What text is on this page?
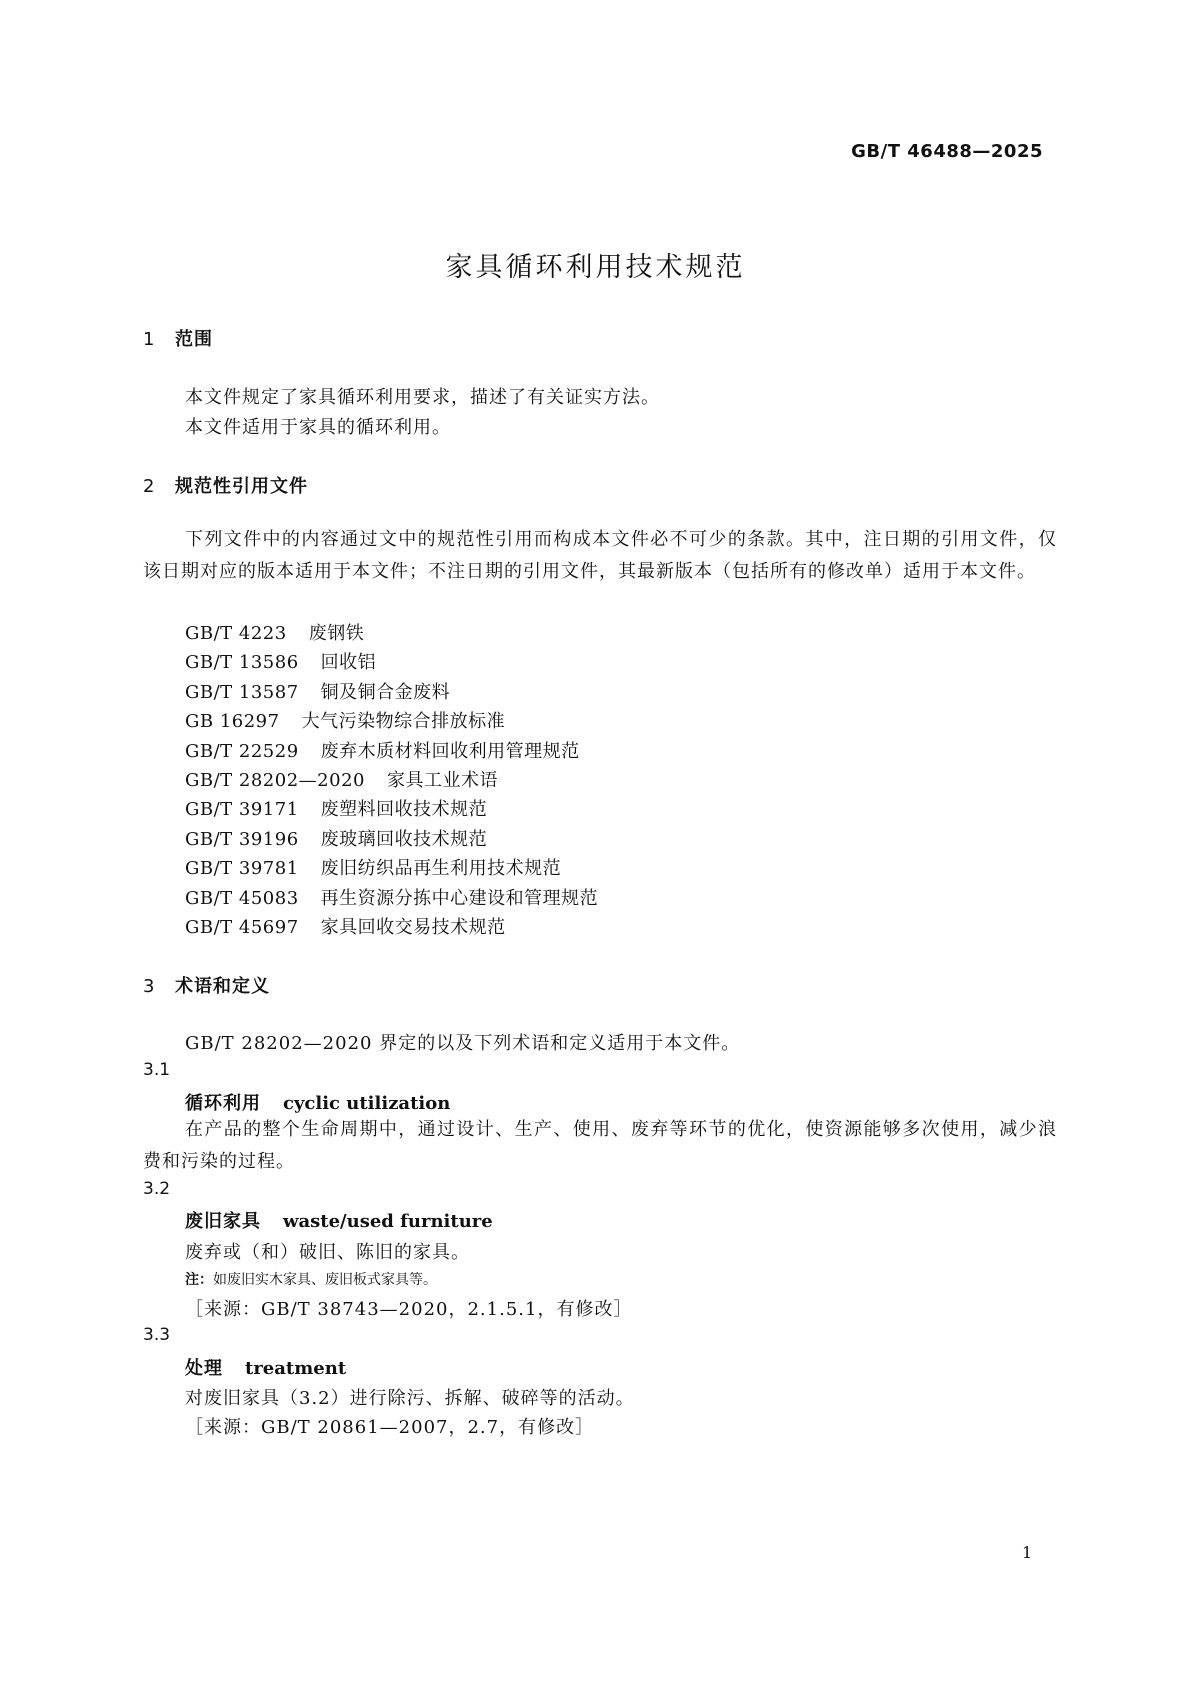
GB/T 46488—2025
家具循环利用技术规范
1 范围
本文件规定了家具循环利用要求，描述了有关证实方法。
本文件适用于家具的循环利用。
2 规范性引用文件
下列文件中的内容通过文中的规范性引用而构成本文件必不可少的条款。其中，注日期的引用文件，仅该日期对应的版本适用于本文件；不注日期的引用文件，其最新版本（包括所有的修改单）适用于本文件。
GB/T 4223 废钢铁
GB/T 13586 回收铝
GB/T 13587 铜及铜合金废料
GB 16297 大气污染物综合排放标准
GB/T 22529 废弃木质材料回收利用管理规范
GB/T 28202—2020 家具工业术语
GB/T 39171 废塑料回收技术规范
GB/T 39196 废玻璃回收技术规范
GB/T 39781 废旧纺织品再生利用技术规范
GB/T 45083 再生资源分拣中心建设和管理规范
GB/T 45697 家具回收交易技术规范
3 术语和定义
GB/T 28202—2020 界定的以及下列术语和定义适用于本文件。
3.1
循环利用 cyclic utilization
在产品的整个生命周期中，通过设计、生产、使用、废弃等环节的优化，使资源能够多次使用，减少浪费和污染的过程。
3.2
废旧家具 waste/used furniture
废弃或（和）破旧、陈旧的家具。
注：如废旧实木家具、废旧板式家具等。
［来源：GB/T 38743—2020，2.1.5.1，有修改］
3.3
处理 treatment
对废旧家具（3.2）进行除污、拆解、破碎等的活动。
［来源：GB/T 20861—2007，2.7，有修改］
1
